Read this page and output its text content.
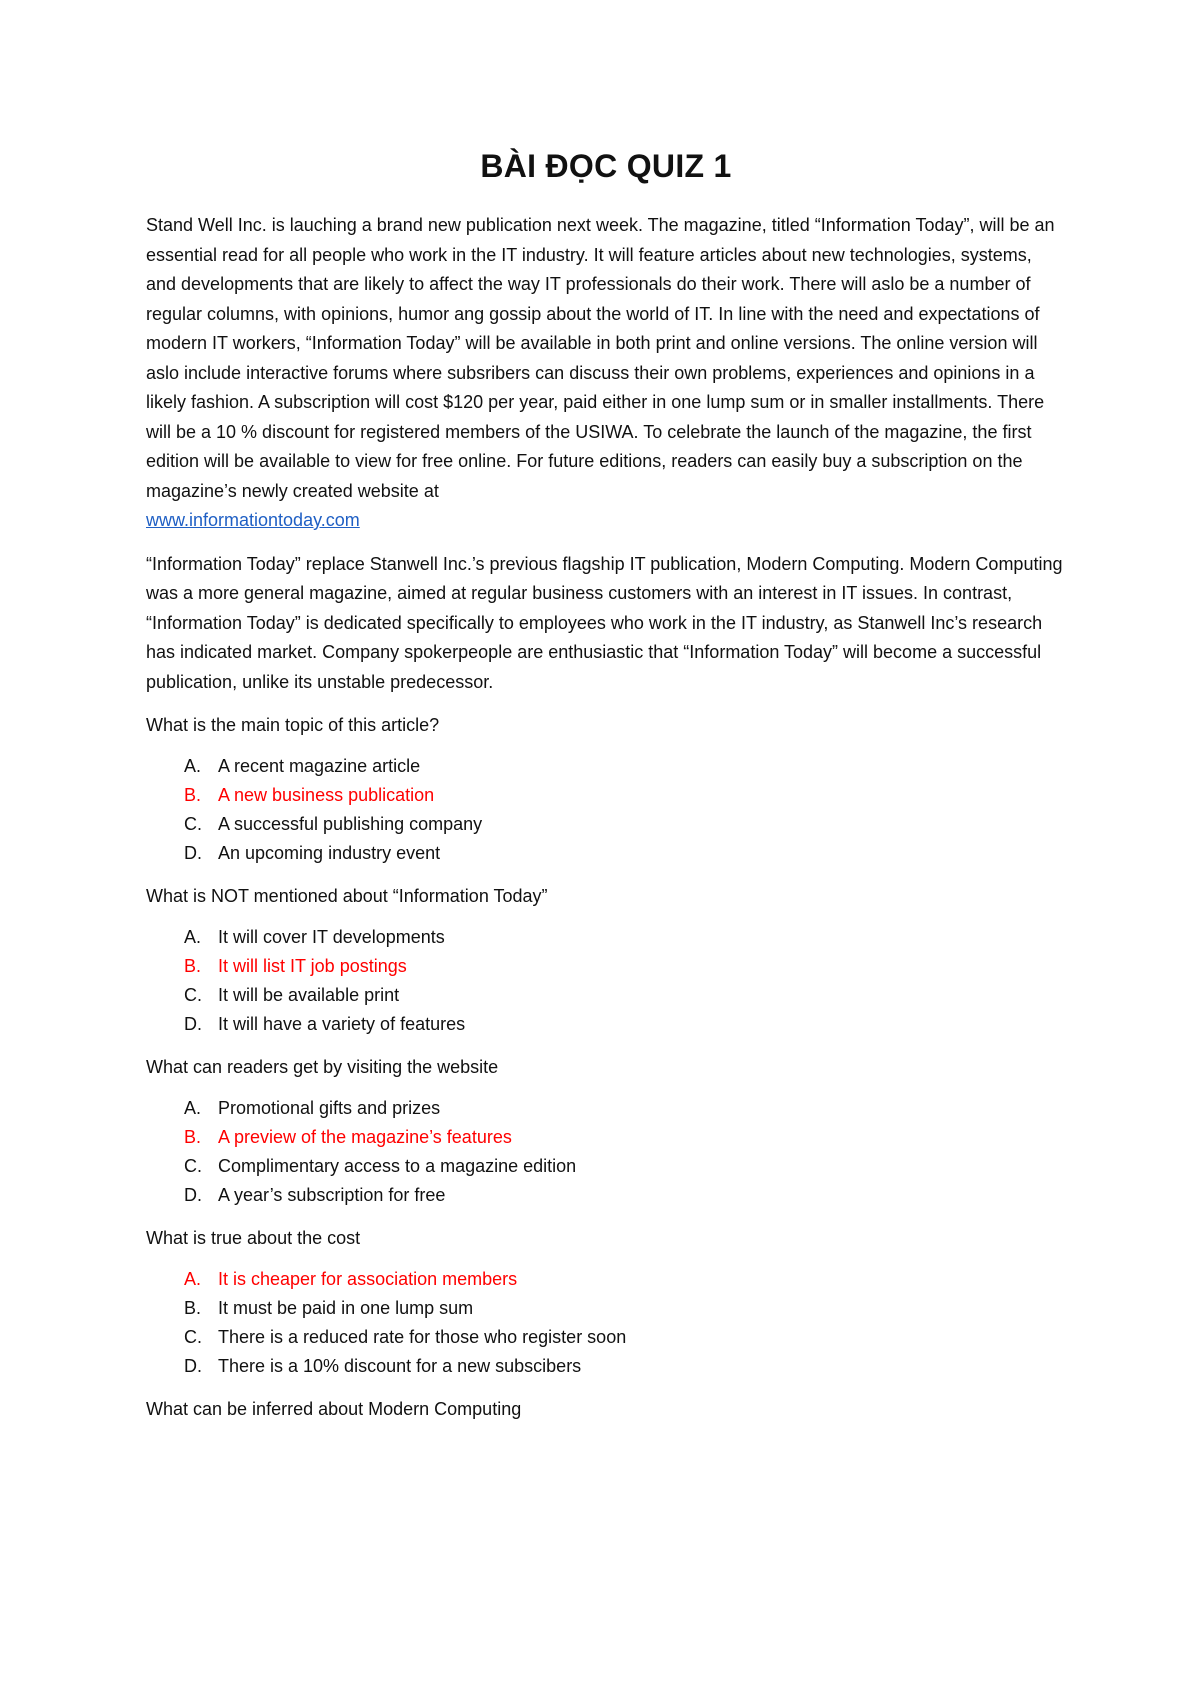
BÀI ĐỌC QUIZ 1

Stand Well Inc. is lauching a brand new publication next week. The magazine, titled “Information Today”, will be an essential read for all people who work in the IT industry. It will feature articles about new technologies, systems, and developments that are likely to affect the way IT professionals do their work. There will aslo be a number of regular columns, with opinions, humor ang gossip about the world of IT. In line with the need and expectations of modern IT workers, “Information Today” will be available in both print and online versions. The online version will aslo include interactive forums where subsribers can discuss their own problems, experiences and opinions in a likely fashion. A subscription will cost $120 per year, paid either in one lump sum or in smaller installments. There will be a 10 % discount for registered members of the USIWA. To celebrate the launch of the magazine, the first edition will be available to view for free online. For future editions, readers can easily buy a subscription on the magazine’s newly created website at
www.informationtoday.com

“Information Today” replace Stanwell Inc.’s previous flagship IT publication, Modern Computing. Modern Computing was a more general magazine, aimed at regular business customers with an interest in IT issues. In contrast, “Information Today” is dedicated specifically to employees who work in the IT industry, as Stanwell Inc’s research has indicated market. Company spokerpeople are enthusiastic that “Information Today” will become a successful publication, unlike its unstable predecessor.

What is the main topic of this article?
A. A recent magazine article
B. A new business publication
C. A successful publishing company
D. An upcoming industry event
What is NOT mentioned about “Information Today”
A. It will cover IT developments
B. It will list IT job postings
C. It will be available print
D. It will have a variety of features
What can readers get by visiting the website
A. Promotional gifts and prizes
B. A preview of the magazine’s features
C. Complimentary access to a magazine edition
D. A year’s subscription for free
What is true about the cost
A. It is cheaper for association members
B. It must be paid in one lump sum
C. There is a reduced rate for those who register soon
D. There is a 10% discount for a new subscibers
What can be inferred about Modern Computing
